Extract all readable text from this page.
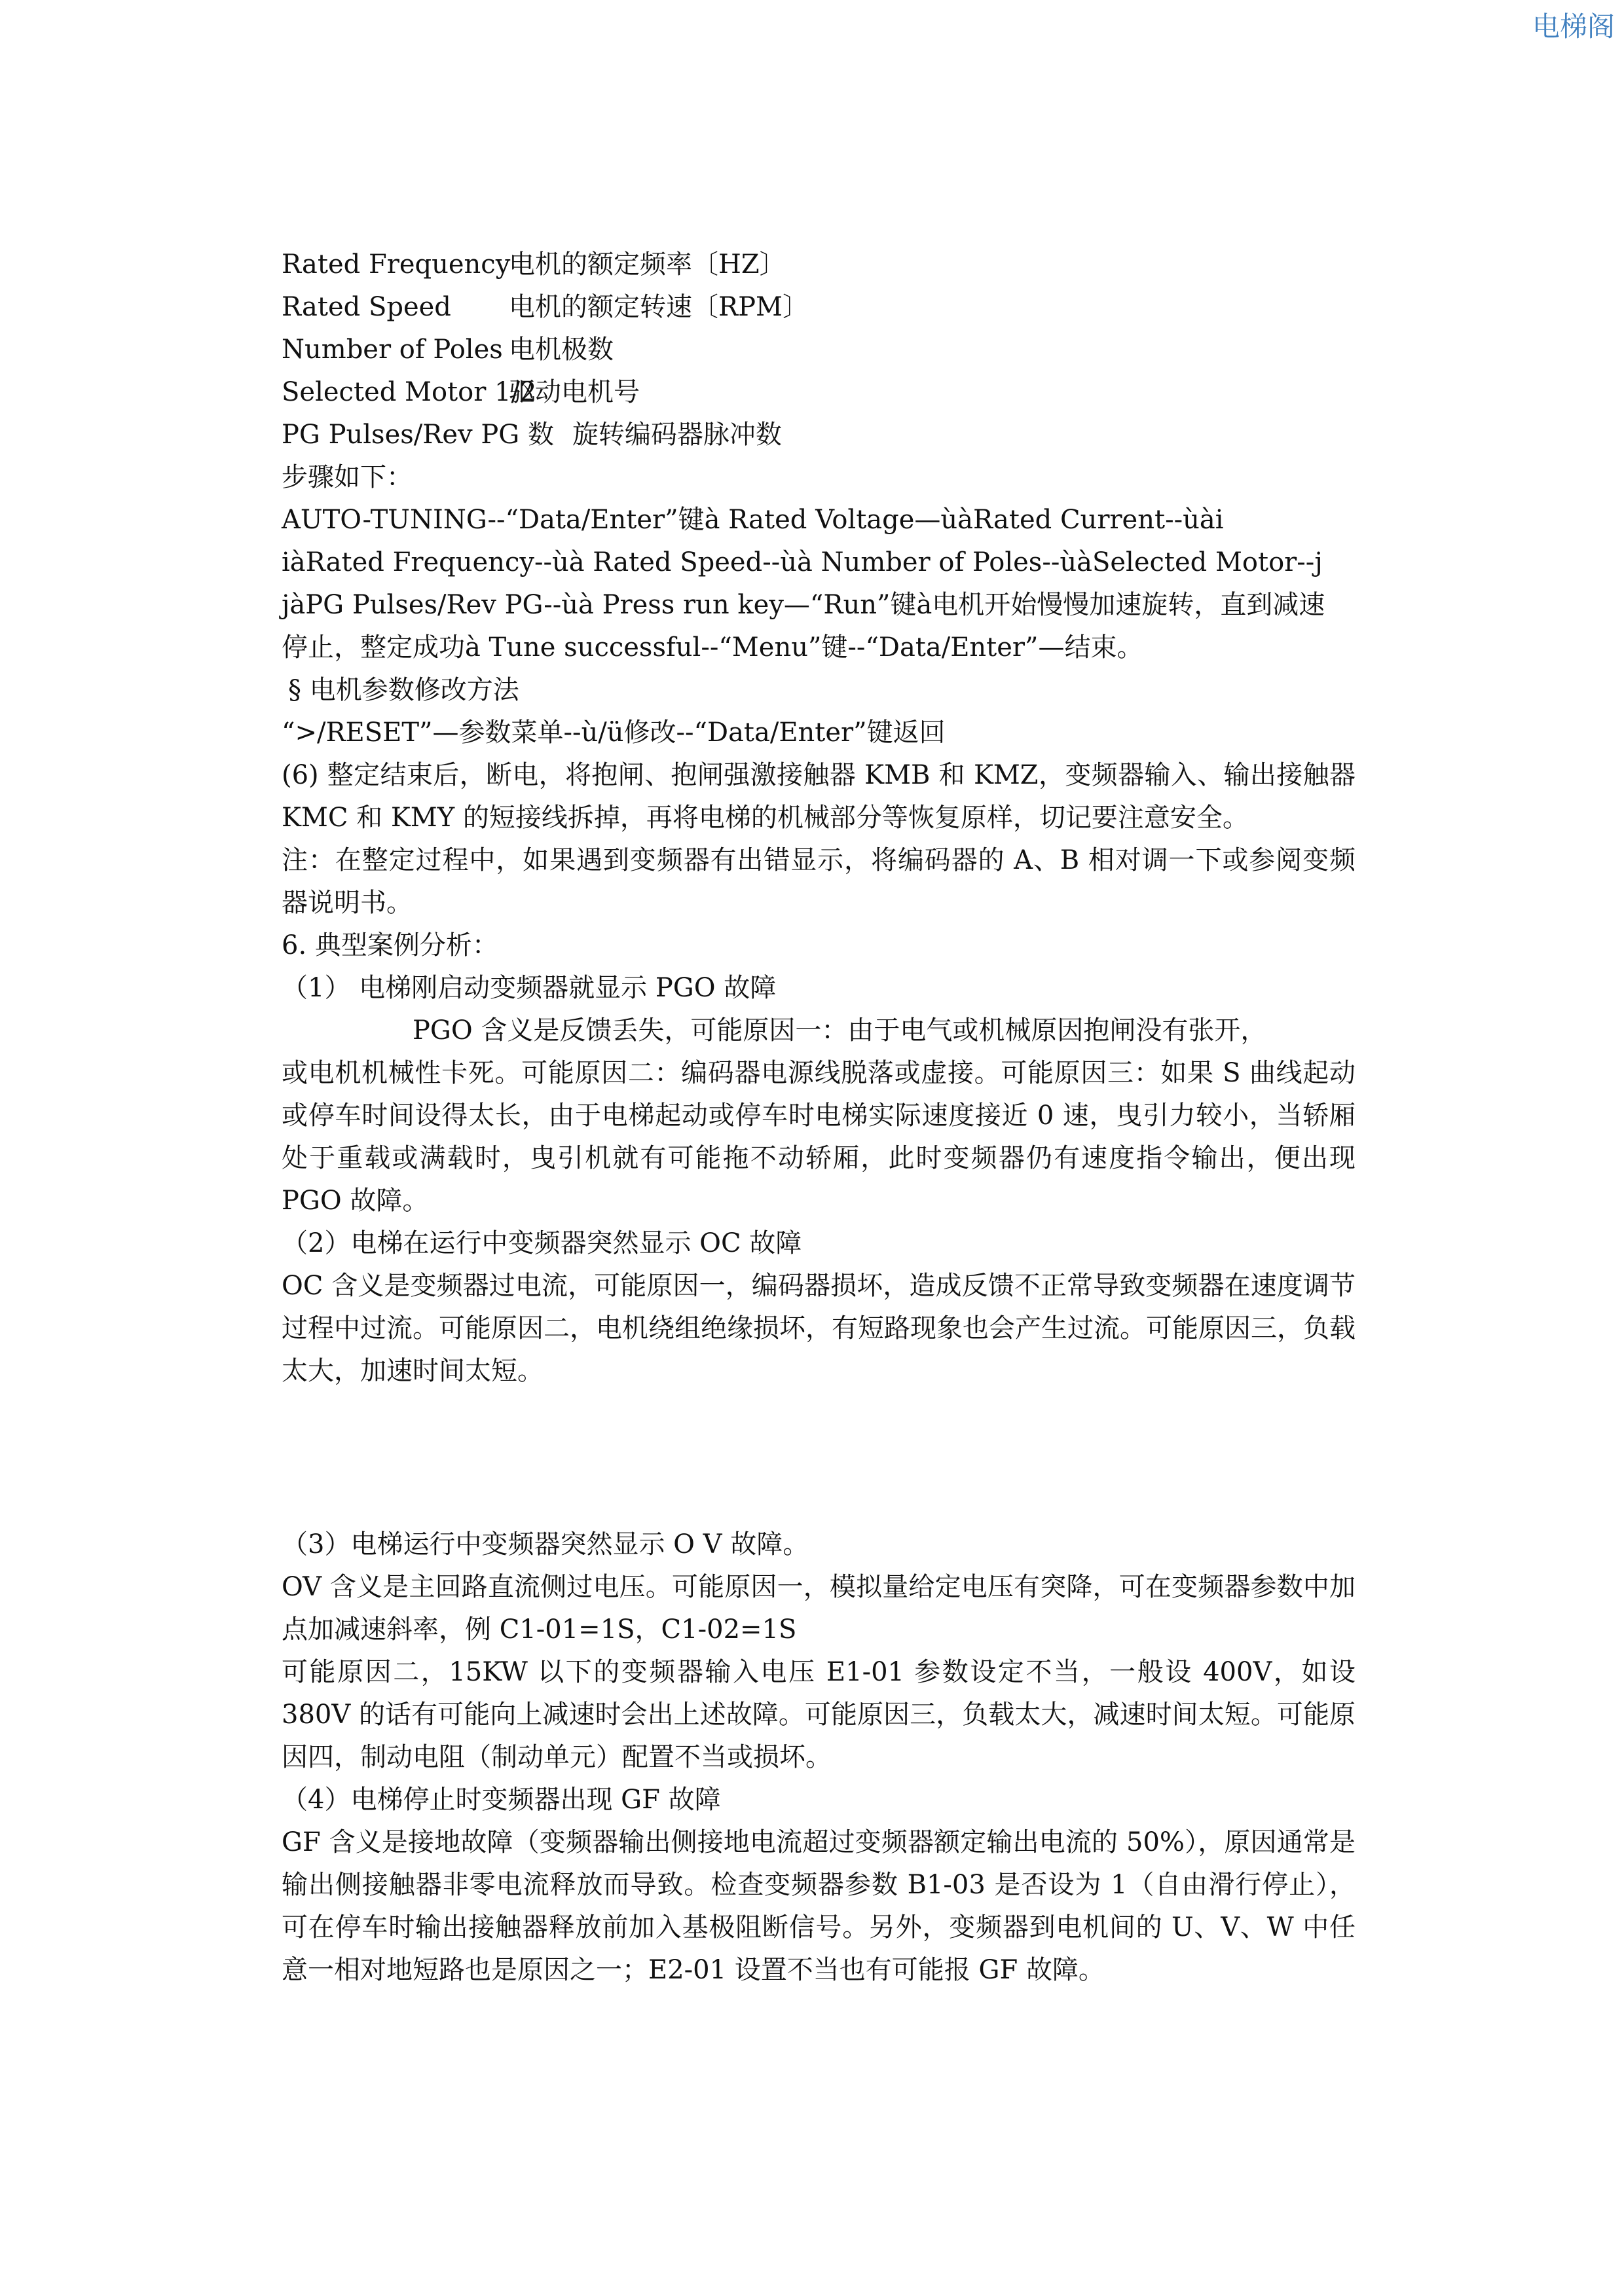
电梯阁
Rated Frequency
电机的额定频率〔HZ〕
Rated Speed	电机的额定转速〔RPM〕
Number of Poles 电机极数
Selected Motor 1/2
驱动电机号
PG Pulses/Rev PG 数 旋转编码器脉冲数
步骤如下：
AUTO-TUNING--“Data/Enter”键à Rated Voltage—ùàRated Current--ùài
iàRated Frequency--ùà Rated Speed--ùà Number of Poles--ùàSelected Motor--j
jàPG Pulses/Rev PG--ùà Press run key—“Run”键à电机开始慢慢加速旋转，直到减速
停止，整定成功à Tune successful--“Menu”键--“Data/Enter”—结束。
§ 电机参数修改方法
“>/RESET”—参数菜单--ù/ü修改--“Data/Enter”键返回
(6) 整定结束后，断电，将抱闸、抱闸强激接触器 KMB 和 KMZ，变频器输入、输出接触器 KMC 和 KMY 的短接线拆掉，再将电梯的机械部分等恢复原样，切记要注意安全。
注：在整定过程中，如果遇到变频器有出错显示，将编码器的 A、B 相对调一下或参阅变频器说明书。
6. 典型案例分析：
（1） 电梯刚启动变频器就显示 PGO 故障
PGO 含义是反馈丢失，可能原因一：由于电气或机械原因抱闸没有张开，
或电机机械性卡死。可能原因二：编码器电源线脱落或虚接。可能原因三：如果 S 曲线起动或停车时间设得太长，由于电梯起动或停车时电梯实际速度接近 0 速，曳引力较小，当轿厢处于重载或满载时，曳引机就有可能拖不动轿厢，此时变频器仍有速度指令输出，便出现 PGO 故障。
（2）电梯在运行中变频器突然显示 OC 故障
OC 含义是变频器过电流，可能原因一，编码器损坏，造成反馈不正常导致变频器在速度调节过程中过流。可能原因二，电机绕组绝缘损坏，有短路现象也会产生过流。可能原因三，负载太大，加速时间太短。
（3）电梯运行中变频器突然显示 O V 故障。
OV 含义是主回路直流侧过电压。可能原因一，模拟量给定电压有突降，可在变频器参数中加点加减速斜率，例 C1-01=1S，C1-02=1S
可能原因二，15KW 以下的变频器输入电压 E1-01 参数设定不当，一般设 400V，如设 380V 的话有可能向上减速时会出上述故障。可能原因三，负载太大，减速时间太短。可能原因四，制动电阻（制动单元）配置不当或损坏。
（4）电梯停止时变频器出现 GF 故障
GF 含义是接地故障（变频器输出侧接地电流超过变频器额定输出电流的 50%），原因通常是输出侧接触器非零电流释放而导致。检查变频器参数 B1-03 是否设为 1（自由滑行停止），可在停车时输出接触器释放前加入基极阻断信号。另外，变频器到电机间的 U、V、W 中任意一相对地短路也是原因之一；E2-01 设置不当也有可能报 GF 故障。
